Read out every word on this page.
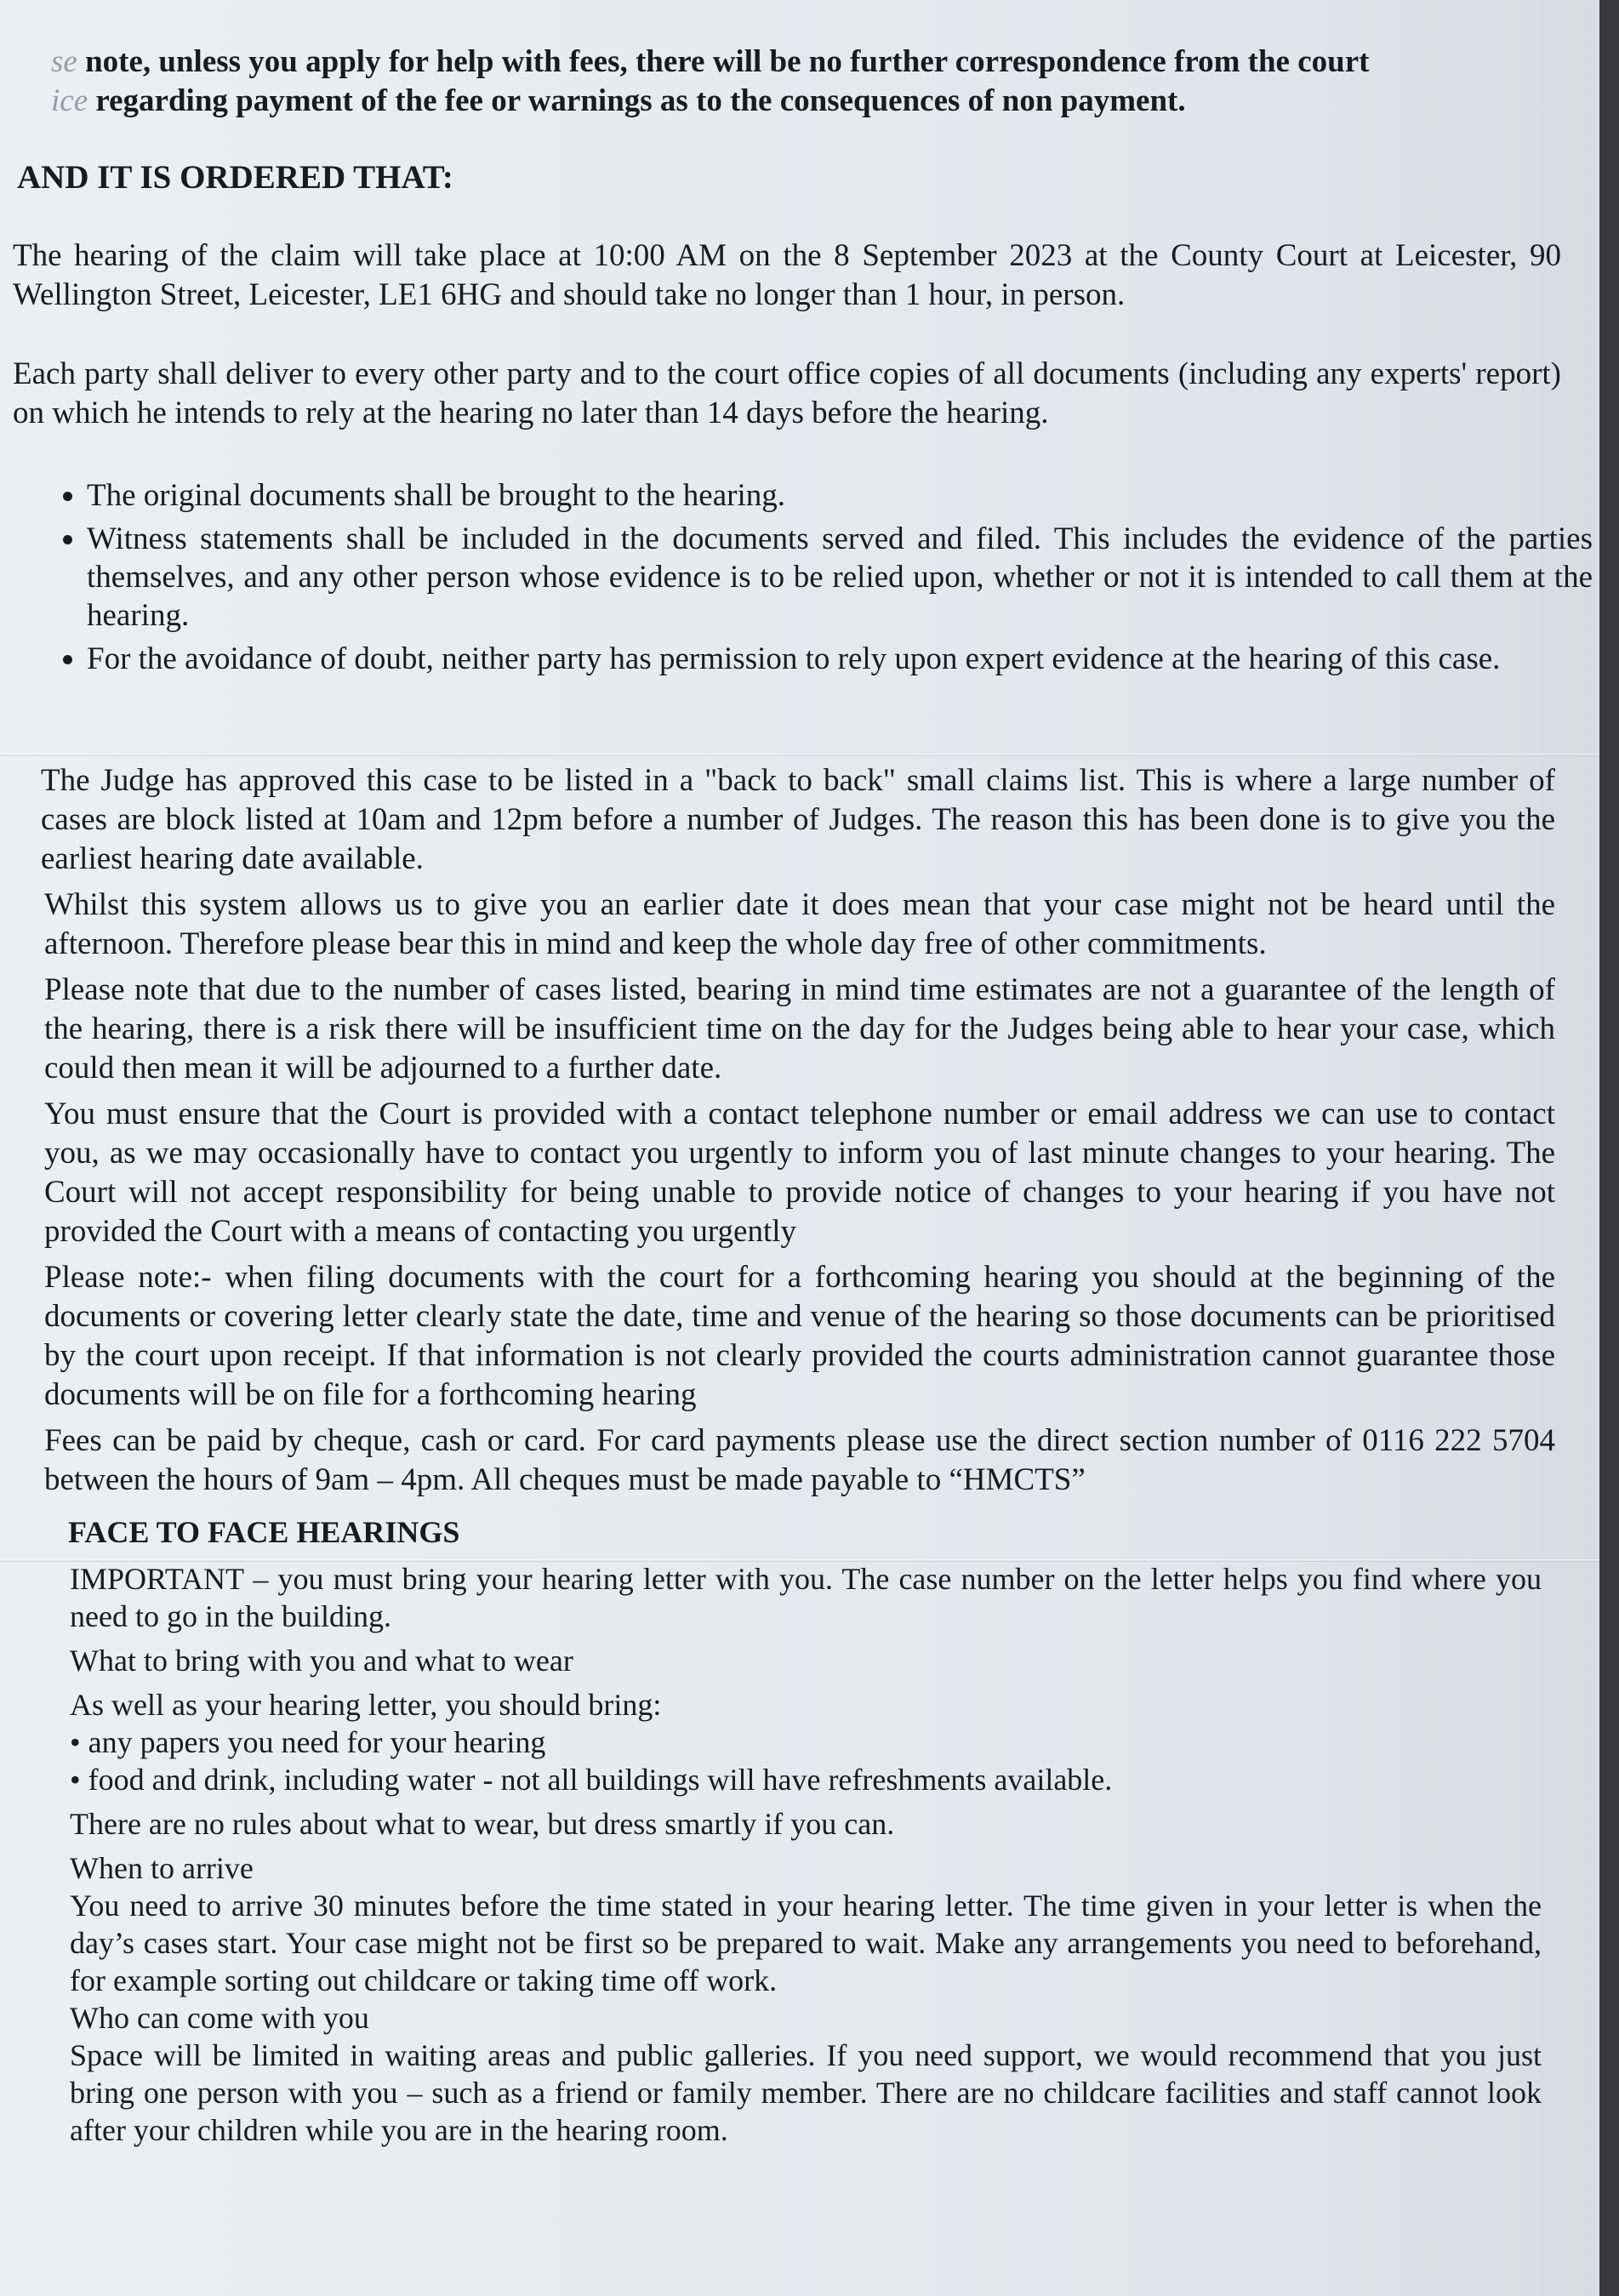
se note, unless you apply for help with fees, there will be no further correspondence from the court
ice regarding payment of the fee or warnings as to the consequences of non payment.

AND IT IS ORDERED THAT:

The hearing of the claim will take place at 10:00 AM on the 8 September 2023 at the County Court at Leicester, 90 Wellington Street, Leicester, LE1 6HG and should take no longer than 1 hour, in person.

Each party shall deliver to every other party and to the court office copies of all documents (including any experts' report) on which he intends to rely at the hearing no later than 14 days before the hearing.

• The original documents shall be brought to the hearing.
• Witness statements shall be included in the documents served and filed. This includes the evidence of the parties themselves, and any other person whose evidence is to be relied upon, whether or not it is intended to call them at the hearing.
• For the avoidance of doubt, neither party has permission to rely upon expert evidence at the hearing of this case.

The Judge has approved this case to be listed in a "back to back" small claims list. This is where a large number of cases are block listed at 10am and 12pm before a number of Judges. The reason this has been done is to give you the earliest hearing date available.

Whilst this system allows us to give you an earlier date it does mean that your case might not be heard until the afternoon. Therefore please bear this in mind and keep the whole day free of other commitments.

Please note that due to the number of cases listed, bearing in mind time estimates are not a guarantee of the length of the hearing, there is a risk there will be insufficient time on the day for the Judges being able to hear your case, which could then mean it will be adjourned to a further date.

You must ensure that the Court is provided with a contact telephone number or email address we can use to contact you, as we may occasionally have to contact you urgently to inform you of last minute changes to your hearing. The Court will not accept responsibility for being unable to provide notice of changes to your hearing if you have not provided the Court with a means of contacting you urgently

Please note:- when filing documents with the court for a forthcoming hearing you should at the beginning of the documents or covering letter clearly state the date, time and venue of the hearing so those documents can be prioritised by the court upon receipt. If that information is not clearly provided the courts administration cannot guarantee those documents will be on file for a forthcoming hearing

Fees can be paid by cheque, cash or card. For card payments please use the direct section number of 0116 222 5704 between the hours of 9am – 4pm. All cheques must be made payable to “HMCTS”

FACE TO FACE HEARINGS

IMPORTANT – you must bring your hearing letter with you. The case number on the letter helps you find where you need to go in the building.

What to bring with you and what to wear

As well as your hearing letter, you should bring:

• any papers you need for your hearing

• food and drink, including water - not all buildings will have refreshments available.

There are no rules about what to wear, but dress smartly if you can.

When to arrive

You need to arrive 30 minutes before the time stated in your hearing letter. The time given in your letter is when the day’s cases start. Your case might not be first so be prepared to wait. Make any arrangements you need to beforehand, for example sorting out childcare or taking time off work.

Who can come with you

Space will be limited in waiting areas and public galleries. If you need support, we would recommend that you just bring one person with you – such as a friend or family member. There are no childcare facilities and staff cannot look after your children while you are in the hearing room.
